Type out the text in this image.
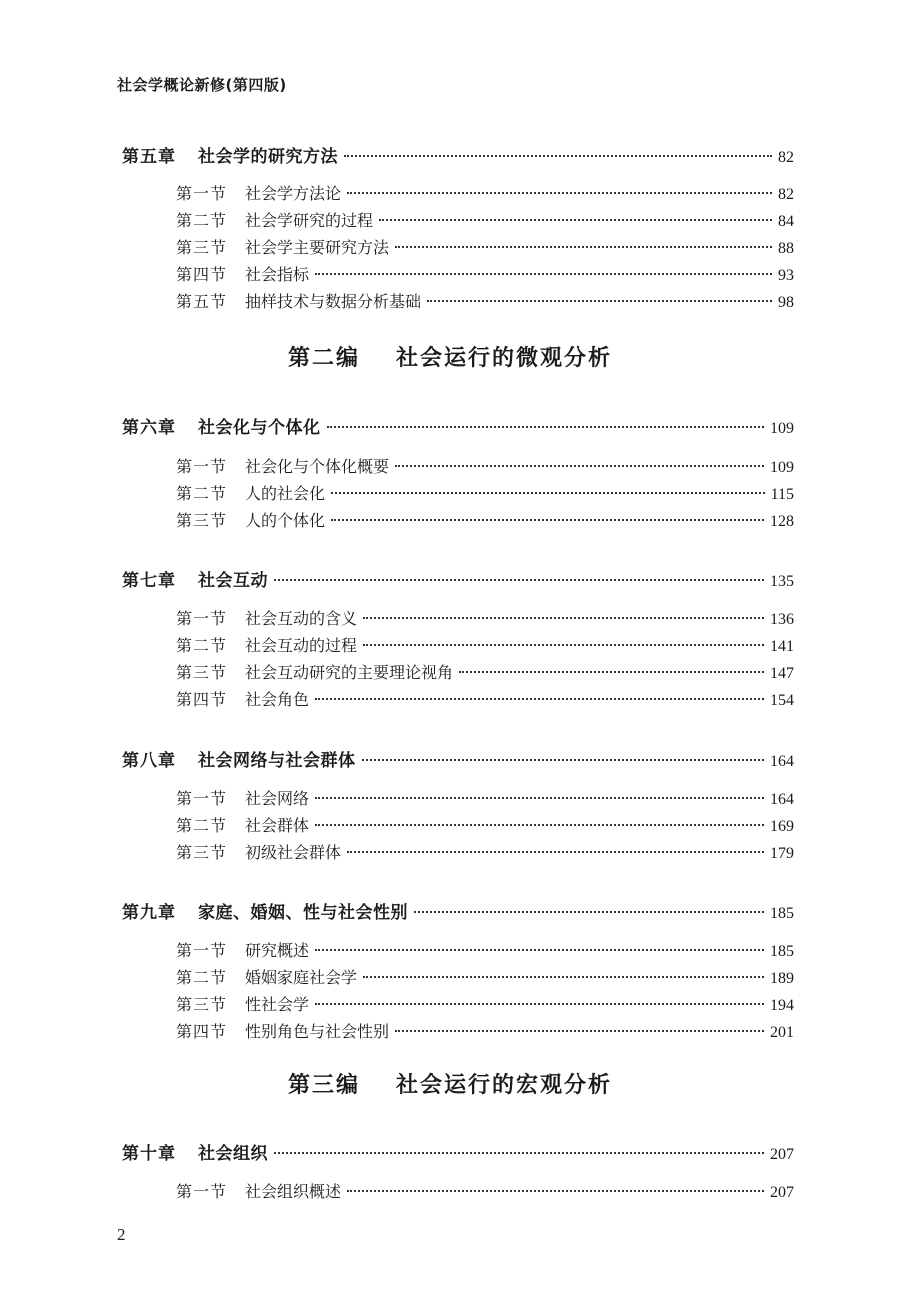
社会学概论新修(第四版)
第五章 社会学的研究方法	82
第一节 社会学方法论	82
第二节 社会学研究的过程	84
第三节 社会学主要研究方法	88
第四节 社会指标	93
第五节 抽样技术与数据分析基础	98
第二编 社会运行的微观分析
第六章 社会化与个体化	109
第一节 社会化与个体化概要	109
第二节 人的社会化	115
第三节 人的个体化	128
第七章 社会互动	135
第一节 社会互动的含义	136
第二节 社会互动的过程	141
第三节 社会互动研究的主要理论视角	147
第四节 社会角色	154
第八章 社会网络与社会群体	164
第一节 社会网络	164
第二节 社会群体	169
第三节 初级社会群体	179
第九章 家庭、婚姻、性与社会性别	185
第一节 研究概述	185
第二节 婚姻家庭社会学	189
第三节 性社会学	194
第四节 性别角色与社会性别	201
第三编 社会运行的宏观分析
第十章 社会组织	207
第一节 社会组织概述	207
2
